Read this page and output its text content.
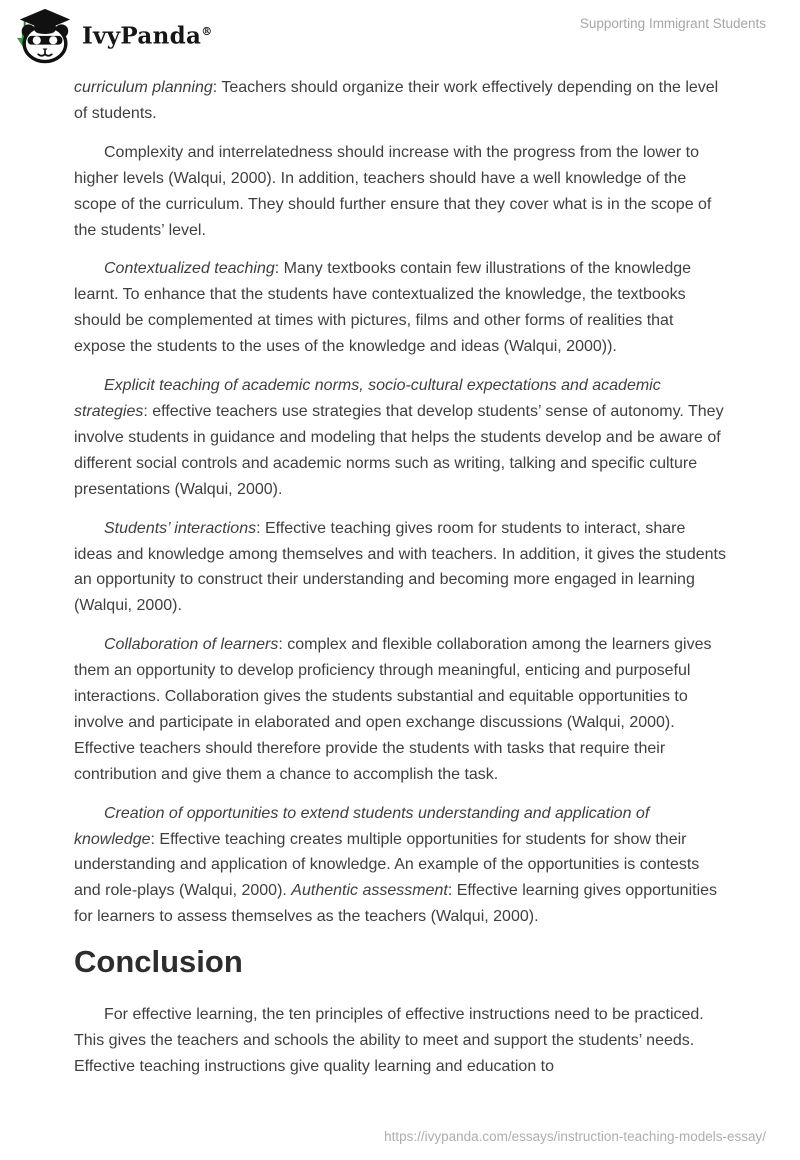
IvyPanda®
Supporting Immigrant Students

curriculum planning: Teachers should organize their work effectively depending on the level of students.

Complexity and interrelatedness should increase with the progress from the lower to higher levels (Walqui, 2000). In addition, teachers should have a well knowledge of the scope of the curriculum. They should further ensure that they cover what is in the scope of the students’ level.

Contextualized teaching: Many textbooks contain few illustrations of the knowledge learnt. To enhance that the students have contextualized the knowledge, the textbooks should be complemented at times with pictures, films and other forms of realities that expose the students to the uses of the knowledge and ideas (Walqui, 2000)).

Explicit teaching of academic norms, socio-cultural expectations and academic strategies: effective teachers use strategies that develop students’ sense of autonomy. They involve students in guidance and modeling that helps the students develop and be aware of different social controls and academic norms such as writing, talking and specific culture presentations (Walqui, 2000).

Students’ interactions: Effective teaching gives room for students to interact, share ideas and knowledge among themselves and with teachers. In addition, it gives the students an opportunity to construct their understanding and becoming more engaged in learning (Walqui, 2000).

Collaboration of learners: complex and flexible collaboration among the learners gives them an opportunity to develop proficiency through meaningful, enticing and purposeful interactions. Collaboration gives the students substantial and equitable opportunities to involve and participate in elaborated and open exchange discussions (Walqui, 2000). Effective teachers should therefore provide the students with tasks that require their contribution and give them a chance to accomplish the task.

Creation of opportunities to extend students understanding and application of knowledge: Effective teaching creates multiple opportunities for students for show their understanding and application of knowledge. An example of the opportunities is contests and role-plays (Walqui, 2000). Authentic assessment: Effective learning gives opportunities for learners to assess themselves as the teachers (Walqui, 2000).

Conclusion

For effective learning, the ten principles of effective instructions need to be practiced. This gives the teachers and schools the ability to meet and support the students’ needs. Effective teaching instructions give quality learning and education to

https://ivypanda.com/essays/instruction-teaching-models-essay/
